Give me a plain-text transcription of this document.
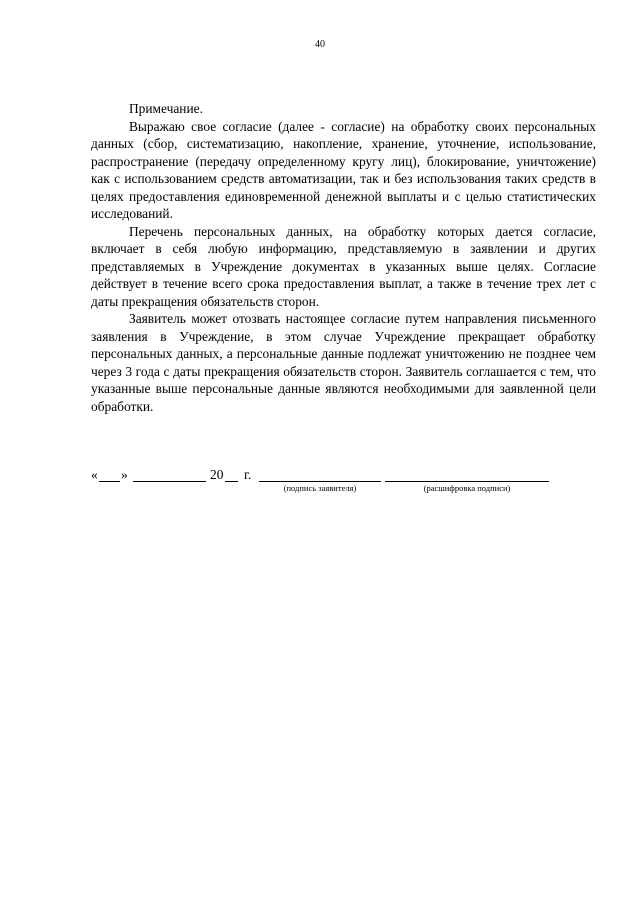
40

Примечание.

Выражаю свое согласие (далее - согласие) на обработку своих персональных данных (сбор, систематизацию, накопление, хранение, уточнение, использование, распространение (передачу определенному кругу лиц), блокирование, уничтожение) как с использованием средств автоматизации, так и без использования таких средств в целях предоставления единовременной денежной выплаты и с целью статистических исследований.

Перечень персональных данных, на обработку которых дается согласие, включает в себя любую информацию, представляемую в заявлении и других представляемых в Учреждение документах в указанных выше целях. Согласие действует в течение всего срока предоставления выплат, а также в течение трех лет с даты прекращения обязательств сторон.

Заявитель может отозвать настоящее согласие путем направления письменного заявления в Учреждение, в этом случае Учреждение прекращает обработку персональных данных, а персональные данные подлежат уничтожению не позднее чем через 3 года с даты прекращения обязательств сторон. Заявитель соглашается с тем, что указанные выше персональные данные являются необходимыми для заявленной цели обработки.

« »	20 г.
(подпись заявителя)	(расшифровка подписи)
